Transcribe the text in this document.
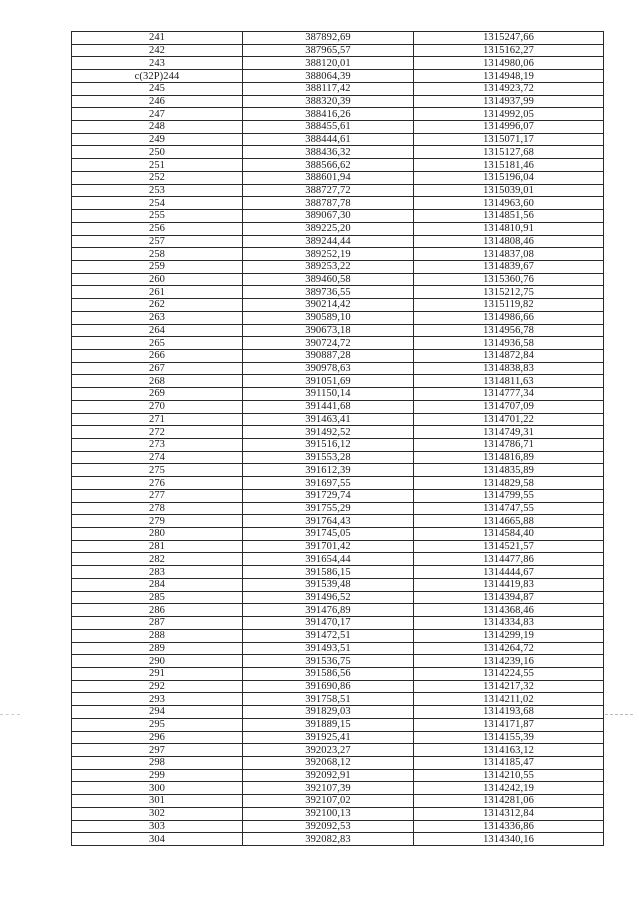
241	387892,69	1315247,66
242	387965,57	1315162,27
243	388120,01	1314980,06
с(32Р)244	388064,39	1314948,19
245	388117,42	1314923,72
246	388320,39	1314937,99
247	388416,26	1314992,05
248	388455,61	1314996,07
249	388444,61	1315071,17
250	388436,32	1315127,68
251	388566,62	1315181,46
252	388601,94	1315196,04
253	388727,72	1315039,01
254	388787,78	1314963,60
255	389067,30	1314851,56
256	389225,20	1314810,91
257	389244,44	1314808,46
258	389252,19	1314837,08
259	389253,22	1314839,67
260	389460,58	1315360,76
261	389736,55	1315212,75
262	390214,42	1315119,82
263	390589,10	1314986,66
264	390673,18	1314956,78
265	390724,72	1314936,58
266	390887,28	1314872,84
267	390978,63	1314838,83
268	391051,69	1314811,63
269	391150,14	1314777,34
270	391441,68	1314707,09
271	391463,41	1314701,22
272	391492,52	1314749,31
273	391516,12	1314786,71
274	391553,28	1314816,89
275	391612,39	1314835,89
276	391697,55	1314829,58
277	391729,74	1314799,55
278	391755,29	1314747,55
279	391764,43	1314665,88
280	391745,05	1314584,40
281	391701,42	1314521,57
282	391654,44	1314477,86
283	391586,15	1314444,67
284	391539,48	1314419,83
285	391496,52	1314394,87
286	391476,89	1314368,46
287	391470,17	1314334,83
288	391472,51	1314299,19
289	391493,51	1314264,72
290	391536,75	1314239,16
291	391586,56	1314224,55
292	391690,86	1314217,32
293	391758,51	1314211,02
294	391829,03	1314193,68
295	391889,15	1314171,87
296	391925,41	1314155,39
297	392023,27	1314163,12
298	392068,12	1314185,47
299	392092,91	1314210,55
300	392107,39	1314242,19
301	392107,02	1314281,06
302	392100,13	1314312,84
303	392092,53	1314336,86
304	392082,83	1314340,16
